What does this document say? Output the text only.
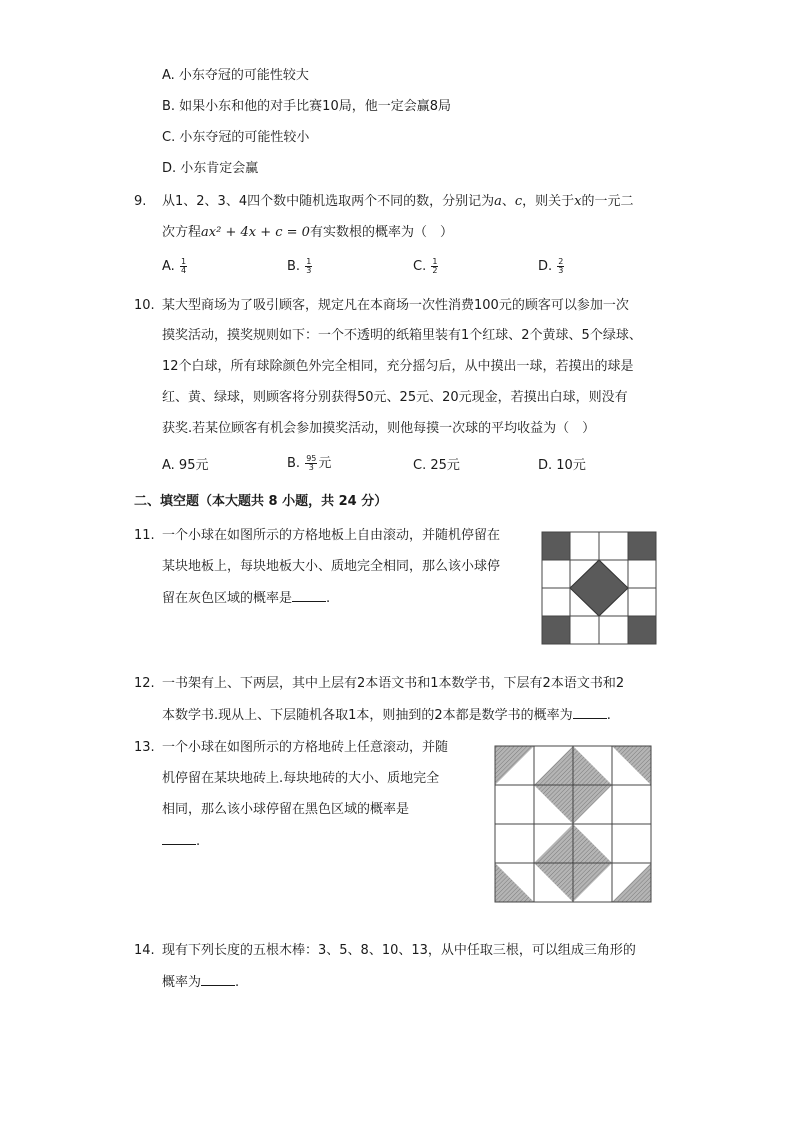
A. 小东夺冠的可能性较大
B. 如果小东和他的对手比赛10局，他一定会赢8局
C. 小东夺冠的可能性较小
D. 小东肯定会赢
9. 从1、2、3、4四个数中随机选取两个不同的数，分别记为a、c，则关于x的一元二
次方程ax² + 4x + c = 0有实数根的概率为（　）
A. $\frac{1}{4}$	B. $\frac{1}{3}$	C. $\frac{1}{2}$	D. $\frac{2}{3}$
10. 某大型商场为了吸引顾客，规定凡在本商场一次性消费100元的顾客可以参加一次
摸奖活动，摸奖规则如下：一个不透明的纸箱里装有1个红球、2个黄球、5个绿球、
12个白球，所有球除颜色外完全相同，充分摇匀后，从中摸出一球，若摸出的球是
红、黄、绿球，则顾客将分别获得50元、25元、20元现金，若摸出白球，则没有
获奖.若某位顾客有机会参加摸奖活动，则他每摸一次球的平均收益为（　）
A. 95元	B. $\frac{95}{3}$ 元	C. 25元	D. 10元
二、填空题（本大题共 8 小题，共 24 分）
11. 一个小球在如图所示的方格地板上自由滚动，并随机停留在
某块地板上，每块地板大小、质地完全相同，那么该小球停
留在灰色区域的概率是	.
12. 一书架有上、下两层，其中上层有2本语文书和1本数学书，下层有2本语文书和2
本数学书.现从上、下层随机各取1本，则抽到的2本都是数学书的概率为	.
13. 一个小球在如图所示的方格地砖上任意滚动，并随
机停留在某块地砖上.每块地砖的大小、质地完全
相同，那么该小球停留在黑色区域的概率是
.
14. 现有下列长度的五根木棒：3、5、8、10、13，从中任取三根，可以组成三角形的
概率为	.
